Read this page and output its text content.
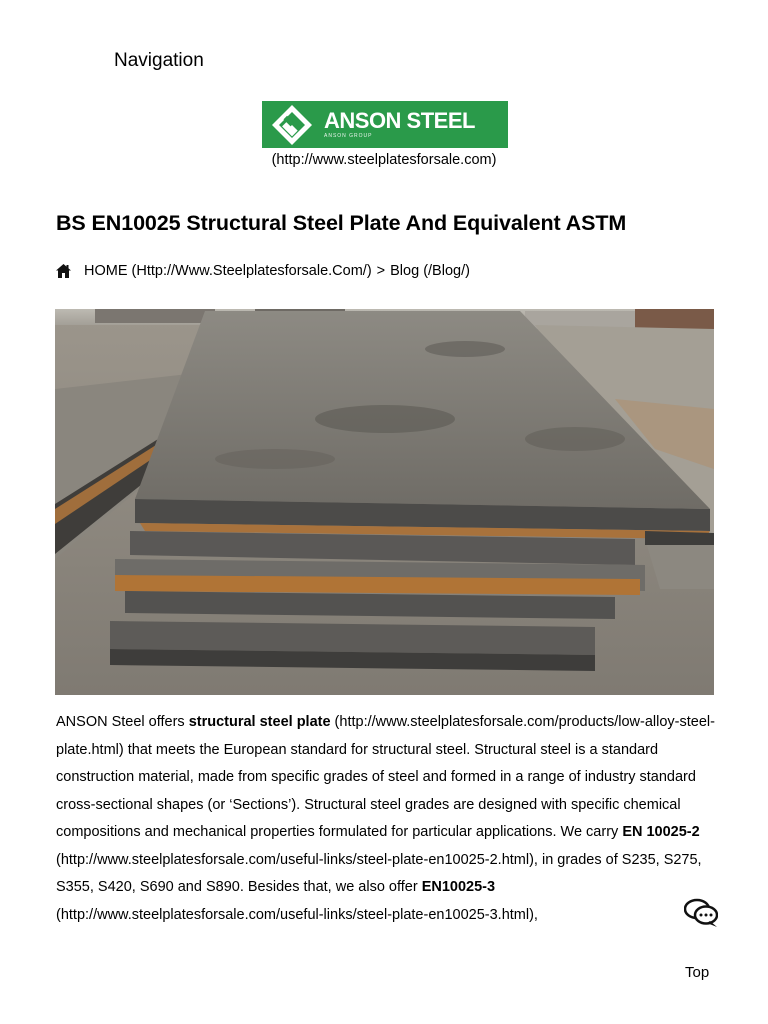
Navigation
ANSON STEEL
ANSON GROUP
(http://www.steelplatesforsale.com)
BS EN10025 Structural Steel Plate And Equivalent ASTM
HOME (Http://Www.Steelplatesforsale.Com/) > Blog (/Blog/)

ANSON Steel offers structural steel plate (http://www.steelplatesforsale.com/products/low-alloy-steel-plate.html) that meets the European standard for structural steel. Structural steel is a standard construction material, made from specific grades of steel and formed in a range of industry standard cross-sectional shapes (or ‘Sections’). Structural steel grades are designed with specific chemical compositions and mechanical properties formulated for particular applications. We carry EN 10025-2 (http://www.steelplatesforsale.com/useful-links/steel-plate-en10025-2.html), in grades of S235, S275, S355, S420, S690 and S890. Besides that, we also offer EN10025-3 (http://www.steelplatesforsale.com/useful-links/steel-plate-en10025-3.html),

Top
